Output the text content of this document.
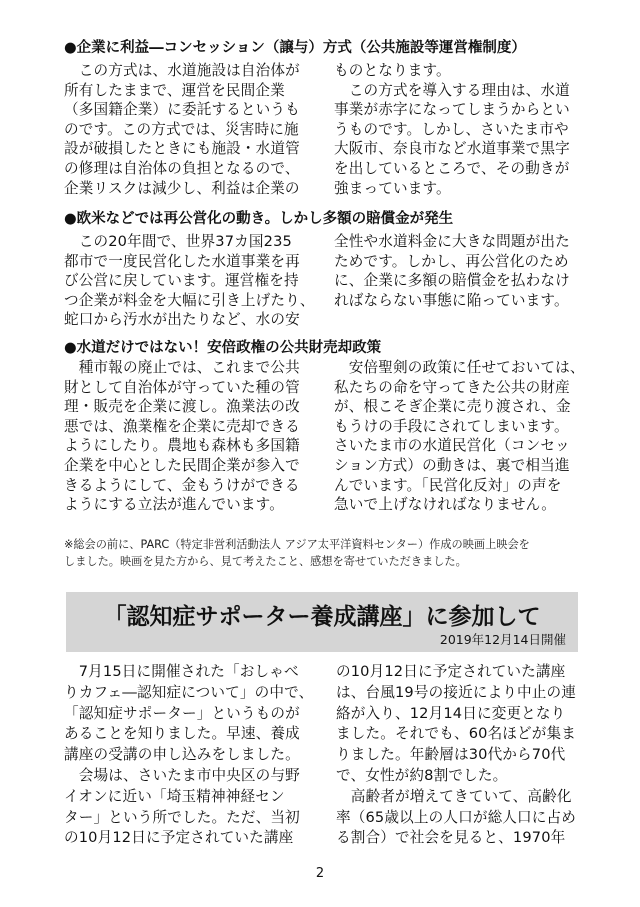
●企業に利益―コンセッション（譲与）方式（公共施設等運営権制度）
　この方式は、水道施設は自治体が
所有したままで、運営を民間企業
（多国籍企業）に委託するというも
のです。この方式では、災害時に施
設が破損したときにも施設・水道管
の修理は自治体の負担となるので、
企業リスクは減少し、利益は企業の
ものとなります。
　この方式を導入する理由は、水道
事業が赤字になってしまうからとい
うものです。しかし、さいたま市や
大阪市、奈良市など水道事業で黒字
を出しているところで、その動きが
強まっています。
●欧米などでは再公営化の動き。しかし多額の賠償金が発生
　この20年間で、世界37カ国235
都市で一度民営化した水道事業を再
び公営に戻しています。運営権を持
つ企業が料金を大幅に引き上げたり、
蛇口から汚水が出たりなど、水の安
全性や水道料金に大きな問題が出た
ためです。しかし、再公営化のため
に、企業に多額の賠償金を払わなけ
ればならない事態に陥っています。
●水道だけではない！安倍政権の公共財売却政策
　種市報の廃止では、これまで公共
財として自治体が守っていた種の管
理・販売を企業に渡し。漁業法の改
悪では、漁業権を企業に売却できる
ようにしたり。農地も森林も多国籍
企業を中心とした民間企業が参入で
きるようにして、金もうけができる
ようにする立法が進んでいます。
　安倍聖剣の政策に任せておいては、
私たちの命を守ってきた公共の財産
が、根こそぎ企業に売り渡され、金
もうけの手段にされてしまいます。
さいたま市の水道民営化（コンセッ
ション方式）の動きは、裏で相当進
んでいます。「民営化反対」の声を
急いで上げなければなりません。
※総会の前に、PARC（特定非営利活動法人 アジア太平洋資料センター）作成の映画上映会を
しました。映画を見た方から、見て考えたこと、感想を寄せていただきました。
「認知症サポーター養成講座」に参加して
2019年12月14日開催
　7月15日に開催された「おしゃべ
りカフェ―認知症について」の中で、
「認知症サポーター」というものが
あることを知りました。早速、養成
講座の受講の申し込みをしました。
　会場は、さいたま市中央区の与野
イオンに近い「埼玉精神神経セン
ター」という所でした。ただ、当初
の10月12日に予定されていた講座
の10月12日に予定されていた講座
は、台風19号の接近により中止の連
絡が入り、12月14日に変更となり
ました。それでも、60名ほどが集ま
りました。年齢層は30代から70代
で、女性が約8割でした。
　高齢者が増えてきていて、高齢化
率（65歳以上の人口が総人口に占め
る割合）で社会を見ると、1970年
2
